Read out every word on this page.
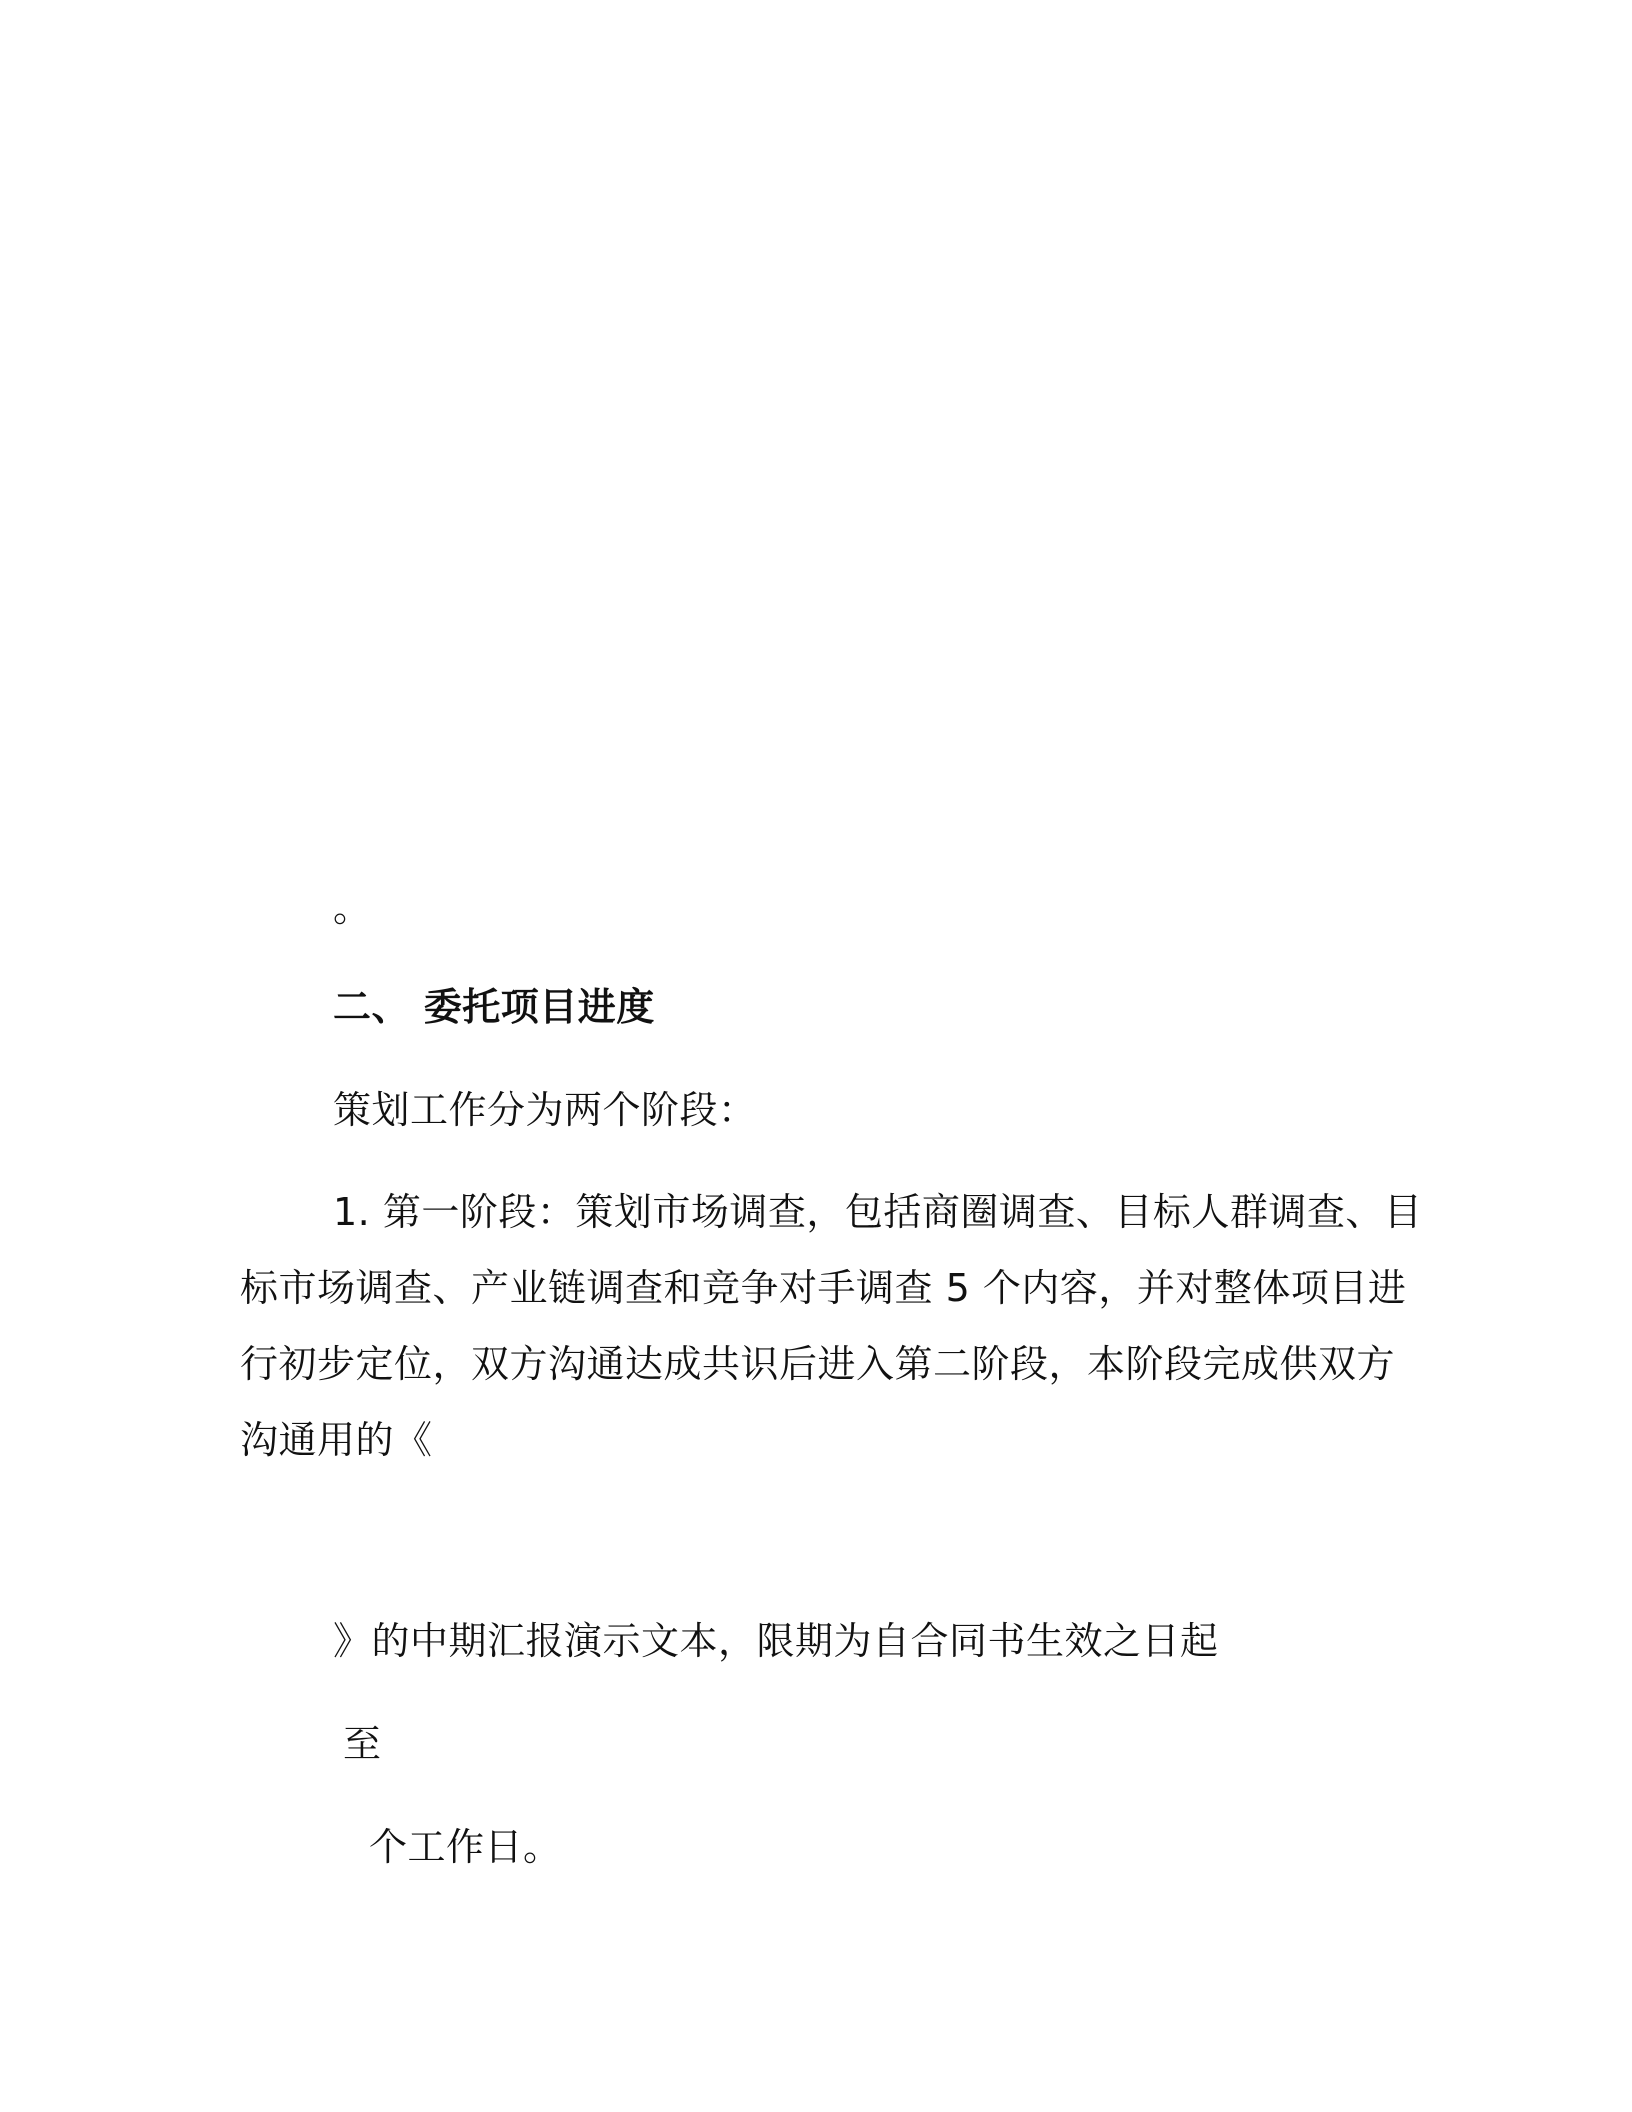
。
二、 委托项目进度
策划工作分为两个阶段：
1. 第一阶段：策划市场调查，包括商圈调查、目标人群调查、目
标市场调查、产业链调查和竞争对手调查 5 个内容，并对整体项目进
行初步定位，双方沟通达成共识后进入第二阶段，本阶段完成供双方
沟通用的《
》的中期汇报演示文本，限期为自合同书生效之日起
至
个工作日。
